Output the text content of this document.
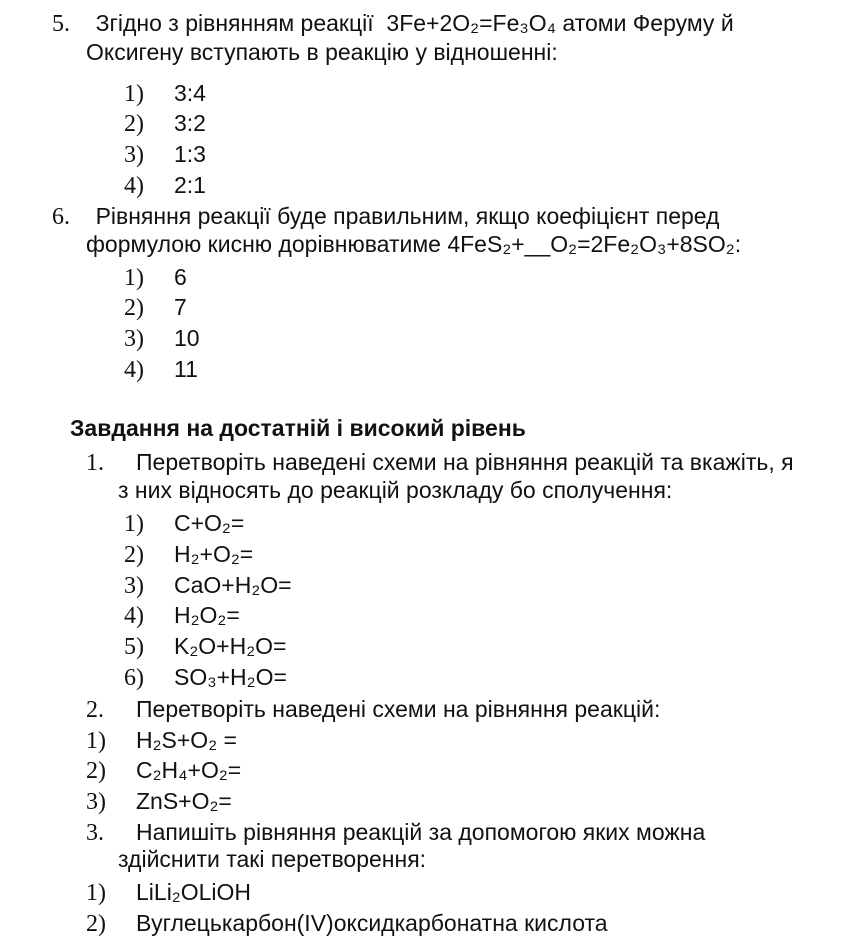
5. Згідно з рівнянням реакції 3Fe+2O₂=Fe₃O₄ атоми Феруму й
Оксигену вступають в реакцію у відношенні:
1) 3:4
2) 3:2
3) 1:3
4) 2:1
6. Рівняння реакції буде правильним, якщо коефіцієнт перед
формулою кисню дорівнюватиме 4FeS₂+__O₂=2Fe₂O₃+8SO₂:
1) 6
2) 7
3) 10
4) 11
Завдання на достатній і високий рівень
1. Перетворіть наведені схеми на рівняння реакцій та вкажіть, я
з них відносять до реакцій розкладу бо сполучення:
1) C+O₂=
2) H₂+O₂=
3) CaO+H₂O=
4) H₂O₂=
5) K₂O+H₂O=
6) SO₃+H₂O=
2. Перетворіть наведені схеми на рівняння реакцій:
1) H₂S+O₂ =
2) C₂H₄+O₂=
3) ZnS+O₂=
3. Напишіть рівняння реакцій за допомогою яких можна
здійснити такі перетворення:
1) LiLi₂OLiOH
2) Вуглецькарбон(IV)оксидкарбонатна кислота
